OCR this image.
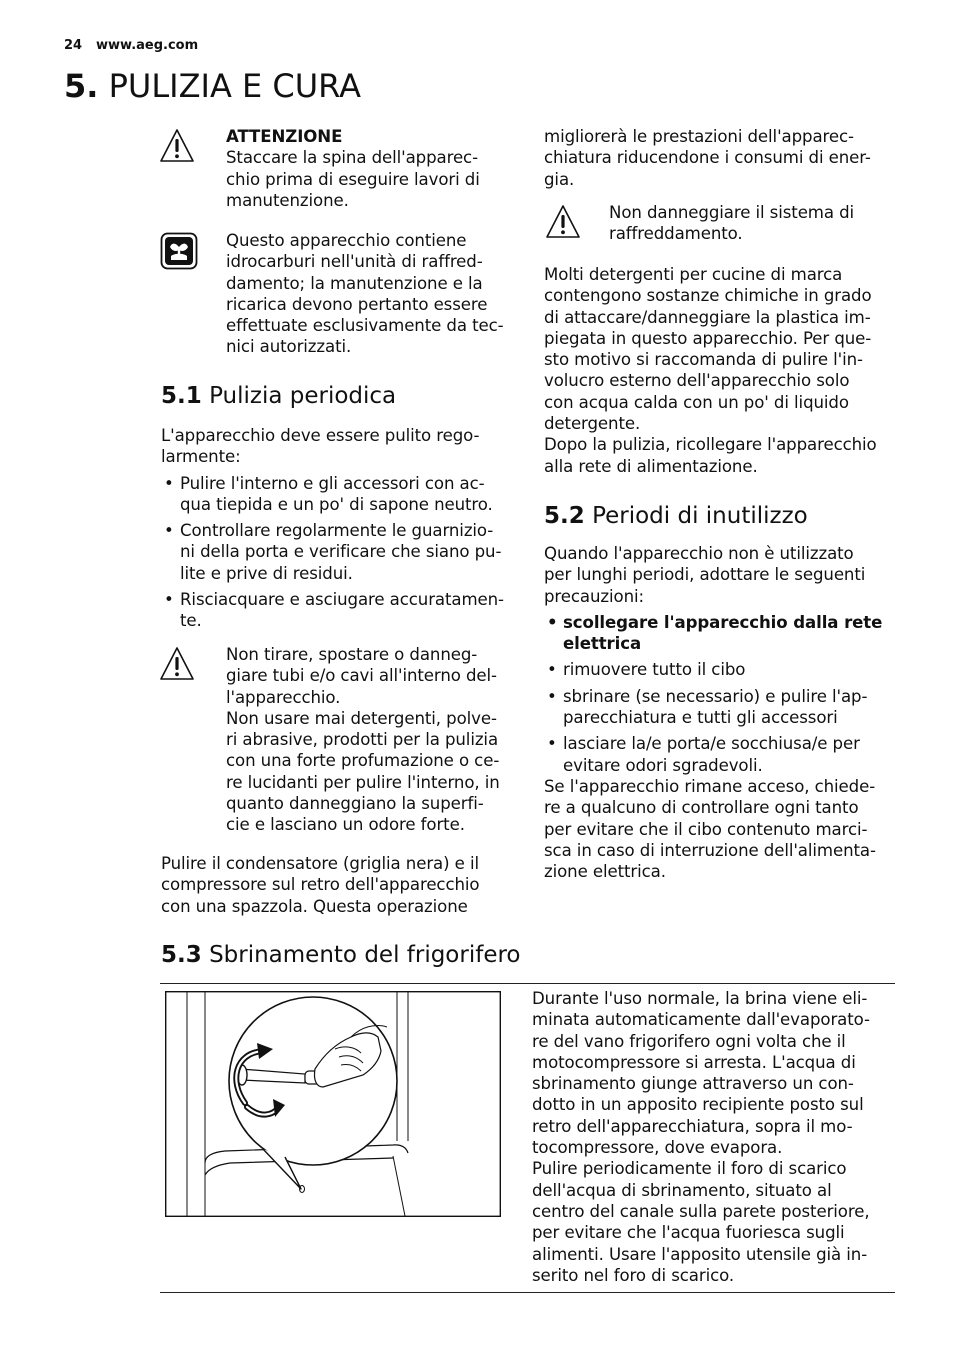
24 www.aeg.com
5. PULIZIA E CURA
ATTENZIONE
Staccare la spina dell'apparec-
chio prima di eseguire lavori di
manutenzione.
Questo apparecchio contiene
idrocarburi nell'unità di raffred-
damento; la manutenzione e la
ricarica devono pertanto essere
effettuate esclusivamente da tec-
nici autorizzati.
5.1 Pulizia periodica
L'apparecchio deve essere pulito rego-
larmente:
• Pulire l'interno e gli accessori con ac-
qua tiepida e un po' di sapone neutro.
• Controllare regolarmente le guarnizio-
ni della porta e verificare che siano pu-
lite e prive di residui.
• Risciacquare e asciugare accuratamen-
te.
Non tirare, spostare o danneg-
giare tubi e/o cavi all'interno del-
l'apparecchio.
Non usare mai detergenti, polve-
ri abrasive, prodotti per la pulizia
con una forte profumazione o ce-
re lucidanti per pulire l'interno, in
quanto danneggiano la superfi-
cie e lasciano un odore forte.
Pulire il condensatore (griglia nera) e il
compressore sul retro dell'apparecchio
con una spazzola. Questa operazione
migliorerà le prestazioni dell'apparec-
chiatura riducendone i consumi di ener-
gia.
Non danneggiare il sistema di
raffreddamento.
Molti detergenti per cucine di marca
contengono sostanze chimiche in grado
di attaccare/danneggiare la plastica im-
piegata in questo apparecchio. Per que-
sto motivo si raccomanda di pulire l'in-
volucro esterno dell'apparecchio solo
con acqua calda con un po' di liquido
detergente.
Dopo la pulizia, ricollegare l'apparecchio
alla rete di alimentazione.
5.2 Periodi di inutilizzo
Quando l'apparecchio non è utilizzato
per lunghi periodi, adottare le seguenti
precauzioni:
• scollegare l'apparecchio dalla rete
elettrica
• rimuovere tutto il cibo
• sbrinare (se necessario) e pulire l'ap-
parecchiatura e tutti gli accessori
• lasciare la/e porta/e socchiusa/e per
evitare odori sgradevoli.
Se l'apparecchio rimane acceso, chiede-
re a qualcuno di controllare ogni tanto
per evitare che il cibo contenuto marci-
sca in caso di interruzione dell'alimenta-
zione elettrica.
5.3 Sbrinamento del frigorifero
Durante l'uso normale, la brina viene eli-
minata automaticamente dall'evaporato-
re del vano frigorifero ogni volta che il
motocompressore si arresta. L'acqua di
sbrinamento giunge attraverso un con-
dotto in un apposito recipiente posto sul
retro dell'apparecchiatura, sopra il mo-
tocompressore, dove evapora.
Pulire periodicamente il foro di scarico
dell'acqua di sbrinamento, situato al
centro del canale sulla parete posteriore,
per evitare che l'acqua fuoriesca sugli
alimenti. Usare l'apposito utensile già in-
serito nel foro di scarico.
